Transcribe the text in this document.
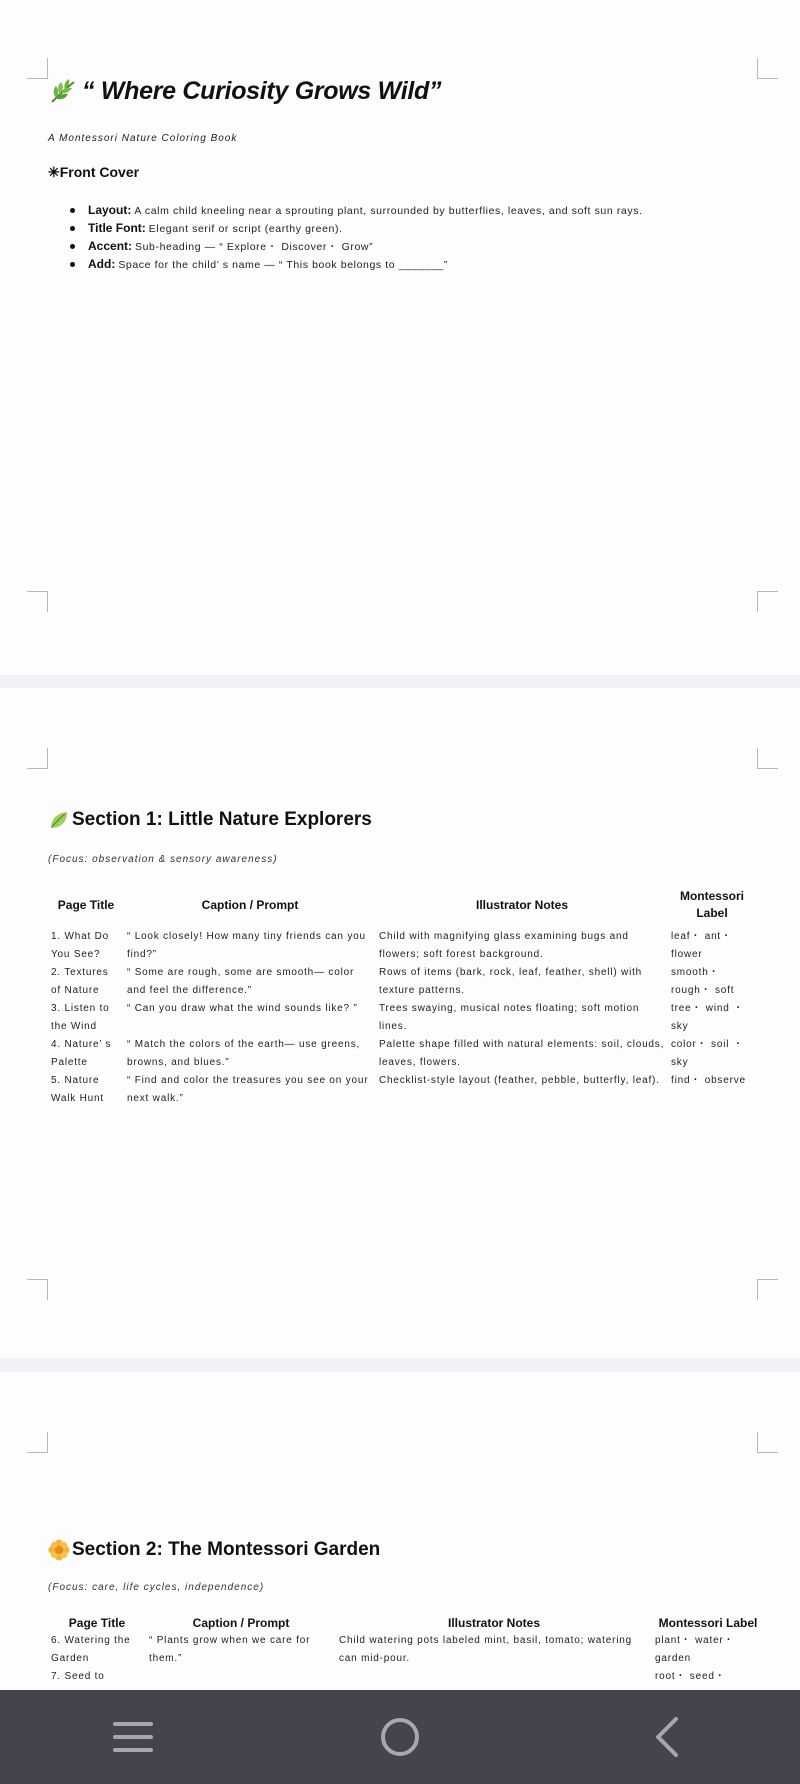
“ Where Curiosity Grows Wild”

A Montessori Nature Coloring Book

✳Front Cover
Layout: A calm child kneeling near a sprouting plant, surrounded by butterflies, leaves, and soft sun rays.
Title Font: Elegant serif or script (earthy green).
Accent: Sub-heading — “ Explore・ Discover・ Grow”
Add: Space for the child’ s name — “ This book belongs to _______”
Section 1: Little Nature Explorers

(Focus: observation & sensory awareness)

Page Title	Caption / Prompt	Illustrator Notes	Montessori Label
1. What Do You See?	“ Look closely! How many tiny friends can you find?”	Child with magnifying glass examining bugs and flowers; soft forest background.	leaf・ ant・ flower
2. Textures of Nature	“ Some are rough, some are smooth— color and feel the difference.”	Rows of items (bark, rock, leaf, feather, shell) with texture patterns.	smooth・ rough・ soft
3. Listen to the Wind	“ Can you draw what the wind sounds like? ”	Trees swaying, musical notes floating; soft motion lines.	tree・ wind ・ sky
4. Nature’ s Palette	“ Match the colors of the earth— use greens, browns, and blues.”	Palette shape filled with natural elements: soil, clouds, leaves, flowers.	color・ soil ・ sky
5. Nature Walk Hunt	“ Find and color the treasures you see on your next walk.”	Checklist-style layout (feather, pebble, butterfly, leaf).	find・ observe
Section 2: The Montessori Garden

(Focus: care, life cycles, independence)

Page Title	Caption / Prompt	Illustrator Notes	Montessori Label
6. Watering the Garden	“ Plants grow when we care for them.”	Child watering pots labeled mint, basil, tomato; watering can mid-pour.	plant・ water・ garden
7. Seed to			root・ seed・
